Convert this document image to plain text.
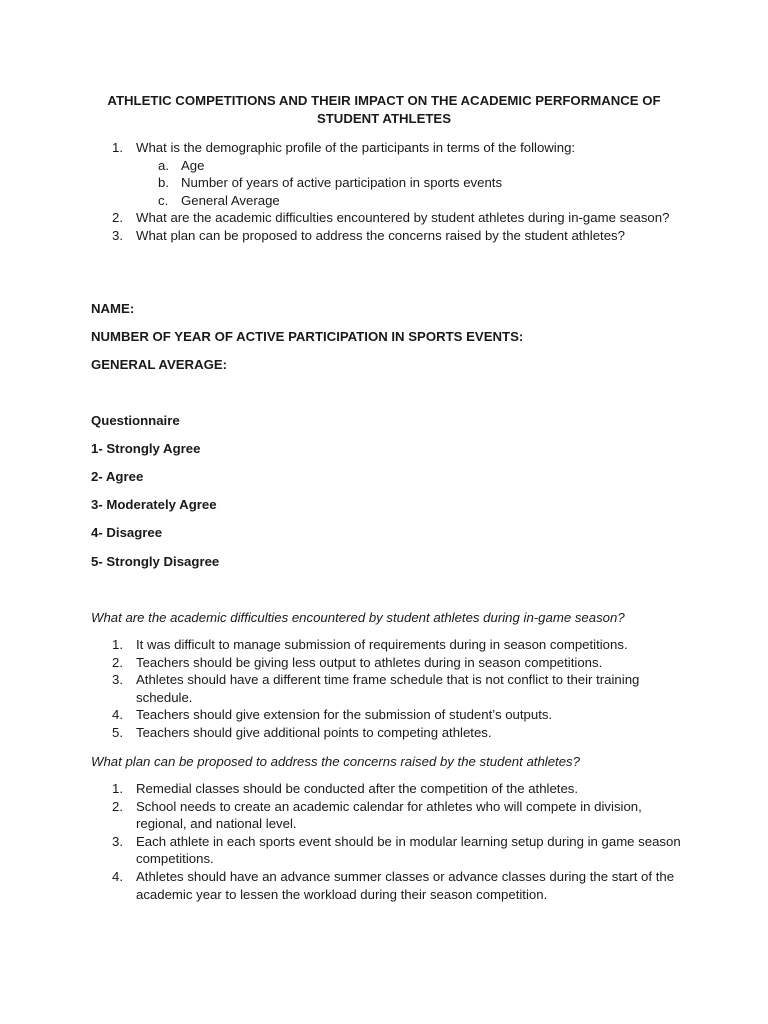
ATHLETIC COMPETITIONS AND THEIR IMPACT ON THE ACADEMIC PERFORMANCE OF STUDENT ATHLETES
1. What is the demographic profile of the participants in terms of the following:
a. Age
b. Number of years of active participation in sports events
c. General Average
2. What are the academic difficulties encountered by student athletes during in-game season?
3. What plan can be proposed to address the concerns raised by the student athletes?
NAME:
NUMBER OF YEAR OF ACTIVE PARTICIPATION IN SPORTS EVENTS:
GENERAL AVERAGE:
Questionnaire
1- Strongly Agree
2- Agree
3- Moderately Agree
4- Disagree
5- Strongly Disagree
What are the academic difficulties encountered by student athletes during in-game season?
1. It was difficult to manage submission of requirements during in season competitions.
2. Teachers should be giving less output to athletes during in season competitions.
3. Athletes should have a different time frame schedule that is not conflict to their training schedule.
4. Teachers should give extension for the submission of student’s outputs.
5. Teachers should give additional points to competing athletes.
What plan can be proposed to address the concerns raised by the student athletes?
1. Remedial classes should be conducted after the competition of the athletes.
2. School needs to create an academic calendar for athletes who will compete in division, regional, and national level.
3. Each athlete in each sports event should be in modular learning setup during in game season competitions.
4. Athletes should have an advance summer classes or advance classes during the start of the academic year to lessen the workload during their season competition.
